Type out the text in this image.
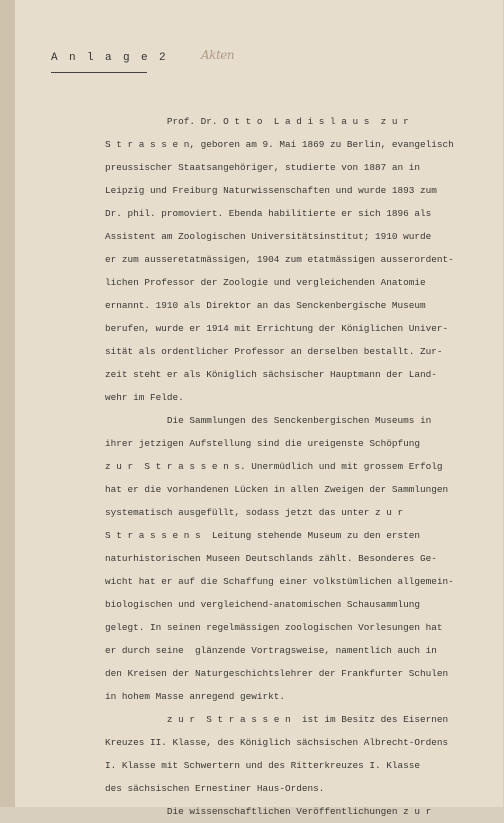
A n l a g e 2	Akten
Prof. Dr. O t t o  L a d i s l a u s  z u r
S t r a s s e n, geboren am 9. Mai 1869 zu Berlin, evangelisch
preussischer Staatsangehöriger, studierte von 1887 an in
Leipzig und Freiburg Naturwissenschaften und wurde 1893 zum
Dr. phil. promoviert. Ebenda habilitierte er sich 1896 als
Assistent am Zoologischen Universitätsinstitut; 1910 wurde
er zum ausseretatmässigen, 1904 zum etatmässigen ausserordent-
lichen Professor der Zoologie und vergleichenden Anatomie
ernannt. 1910 als Direktor an das Senckenbergische Museum
berufen, wurde er 1914 mit Errichtung der Königlichen Univer-
sität als ordentlicher Professor an derselben bestallt. Zur-
zeit steht er als Königlich sächsischer Hauptmann der Land-
wehr im Felde.
Die Sammlungen des Senckenbergischen Museums in
ihrer jetzigen Aufstellung sind die ureigenste Schöpfung
z u r  S t r a s s e n s. Unermüdlich und mit grossem Erfolg
hat er die vorhandenen Lücken in allen Zweigen der Sammlungen
systematisch ausgefüllt, sodass jetzt das unter z u r
S t r a s s e n s  Leitung stehende Museum zu den ersten
naturhistorischen Museen Deutschlands zählt. Besonderes Ge-
wicht hat er auf die Schaffung einer volkstümlichen allgemein-
biologischen und vergleichend-anatomischen Schausammlung
gelegt. In seinen regelmässigen zoologischen Vorlesungen hat
er durch seine  glänzende Vortragsweise, namentlich auch in
den Kreisen der Naturgeschichtslehrer der Frankfurter Schulen
in hohem Masse anregend gewirkt.
z u r  S t r a s s e n  ist im Besitz des Eisernen
Kreuzes II. Klasse, des Königlich sächsischen Albrecht-Ordens
I. Klasse mit Schwertern und des Ritterkreuzes I. Klasse
des sächsischen Ernestiner Haus-Ordens.
Die wissenschaftlichen Veröffentlichungen z u r
